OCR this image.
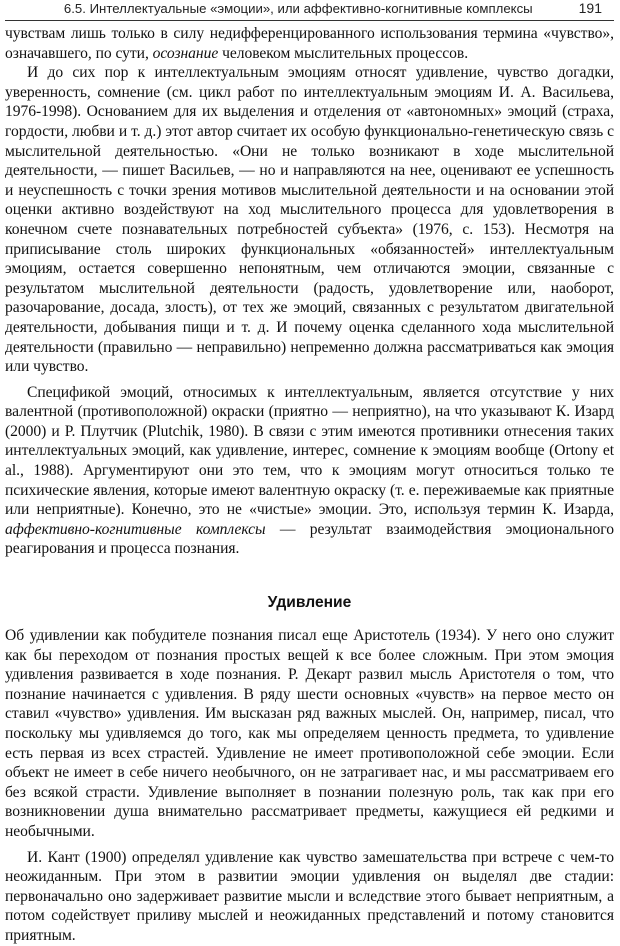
6.5. Интеллектуальные «эмоции», или аффективно-когнитивные комплексы	191

чувствам лишь только в силу недифференцированного использования термина «чувство», означавшего, по сути, осознание человеком мыслительных процессов.

И до сих пор к интеллектуальным эмоциям относят удивление, чувство догадки, уверенность, сомнение (см. цикл работ по интеллектуальным эмоциям И. А. Васильева, 1976-1998). Основанием для их выделения и отделения от «автономных» эмоций (страха, гордости, любви и т. д.) этот автор считает их особую функционально-генетическую связь с мыслительной деятельностью. «Они не только возникают в ходе мыслительной деятельности, — пишет Васильев, — но и направляются на нее, оценивают ее успешность и неуспешность с точки зрения мотивов мыслительной деятельности и на основании этой оценки активно воздействуют на ход мыслительного процесса для удовлетворения в конечном счете познавательных потребностей субъекта» (1976, с. 153). Несмотря на приписывание столь широких функциональных «обязанностей» интеллектуальным эмоциям, остается совершенно непонятным, чем отличаются эмоции, связанные с результатом мыслительной деятельности (радость, удовлетворение или, наоборот, разочарование, досада, злость), от тех же эмоций, связанных с результатом двигательной деятельности, добывания пищи и т. д. И почему оценка сделанного хода мыслительной деятельности (правильно — неправильно) непременно должна рассматриваться как эмоция или чувство.

Спецификой эмоций, относимых к интеллектуальным, является отсутствие у них валентной (противоположной) окраски (приятно — неприятно), на что указывают К. Изард (2000) и Р. Плутчик (Plutchik, 1980). В связи с этим имеются противники отнесения таких интеллектуальных эмоций, как удивление, интерес, сомнение к эмоциям вообще (Ortony et al., 1988). Аргументируют они это тем, что к эмоциям могут относиться только те психические явления, которые имеют валентную окраску (т. е. переживаемые как приятные или неприятные). Конечно, это не «чистые» эмоции. Это, используя термин К. Изарда, аффективно-когнитивные комплексы — результат взаимодействия эмоционального реагирования и процесса познания.

Удивление

Об удивлении как побудителе познания писал еще Аристотель (1934). У него оно служит как бы переходом от познания простых вещей к все более сложным. При этом эмоция удивления развивается в ходе познания. Р. Декарт развил мысль Аристотеля о том, что познание начинается с удивления. В ряду шести основных «чувств» на первое место он ставил «чувство» удивления. Им высказан ряд важных мыслей. Он, например, писал, что поскольку мы удивляемся до того, как мы определяем ценность предмета, то удивление есть первая из всех страстей. Удивление не имеет противоположной себе эмоции. Если объект не имеет в себе ничего необычного, он не затрагивает нас, и мы рассматриваем его без всякой страсти. Удивление выполняет в познании полезную роль, так как при его возникновении душа внимательно рассматривает предметы, кажущиеся ей редкими и необычными.

И. Кант (1900) определял удивление как чувство замешательства при встрече с чем-то неожиданным. При этом в развитии эмоции удивления он выделял две стадии: первоначально оно задерживает развитие мысли и вследствие этого бывает неприятным, а потом содействует приливу мыслей и неожиданных представлений и потому становится приятным.
